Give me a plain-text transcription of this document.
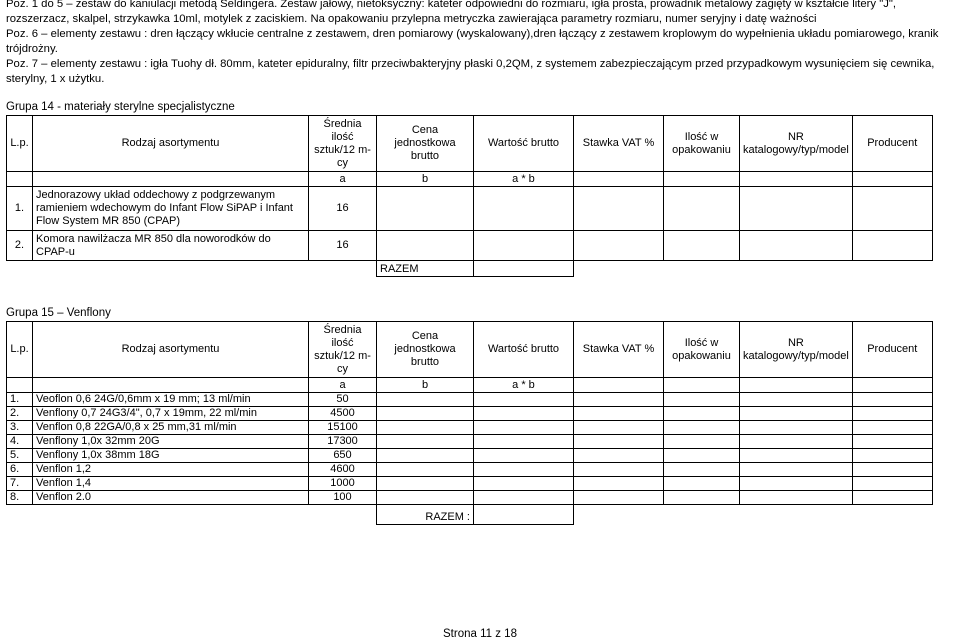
Poz. 1 do 5 – zestaw do kaniulacji metodą Seldingera. Zestaw jałowy, nietoksyczny: kateter odpowiedni do rozmiaru, igła prosta, prowadnik metalowy zagięty w kształcie litery "J", rozszerzacz, skalpel, strzykawka 10ml, motylek z zaciskiem. Na opakowaniu przylepna metryczka zawierająca parametry rozmiaru, numer seryjny i datę ważności
Poz. 6 – elementy zestawu : dren łączący wkłucie centralne z zestawem, dren pomiarowy (wyskalowany),dren łączący z zestawem kroplowym do wypełnienia układu pomiarowego, kranik trójdrożny.
Poz. 7 – elementy zestawu : igła Tuohy dł. 80mm, kateter epiduralny, filtr przeciwbakteryjny płaski 0,2QM, z systemem zabezpieczającym przed przypadkowym wysunięciem się cewnika, sterylny, 1 x użytku.
Grupa 14 - materiały sterylne specjalistyczne
L.p.	Rodzaj asortymentu	Średnia ilość sztuk/12 m-cy	Cena jednostkowa brutto	Wartość brutto	Stawka VAT %	Ilość w opakowaniu	NR katalogowy/typ/model	Producent
		a	b	a * b				
1.	Jednorazowy układ oddechowy z podgrzewanym ramieniem wdechowym do Infant Flow SiPAP i Infant Flow System MR 850 (CPAP)	16						
2.	Komora nawilżacza MR 850 dla noworodków do CPAP-u	16						
			RAZEM					
Grupa 15 – Venflony
L.p.	Rodzaj asortymentu	Średnia ilość sztuk/12 m-cy	Cena jednostkowa brutto	Wartość brutto	Stawka VAT %	Ilość w opakowaniu	NR katalogowy/typ/model	Producent
		a	b	a * b				
1.	Veoflon 0,6 24G/0,6mm x 19 mm; 13 ml/min	50						
2.	Venflony 0,7 24G3/4", 0,7 x 19mm, 22 ml/min	4500						
3.	Venflon 0,8 22GA/0,8 x 25 mm,31 ml/min	15100						
4.	Venflony 1,0x 32mm 20G	17300						
5.	Venflony 1,0x 38mm 18G	650						
6.	Venflon 1,2	4600						
7.	Venflon 1,4	1000						
8.	Venflon 2.0	100						
			RAZEM :					
Strona 11 z 18
